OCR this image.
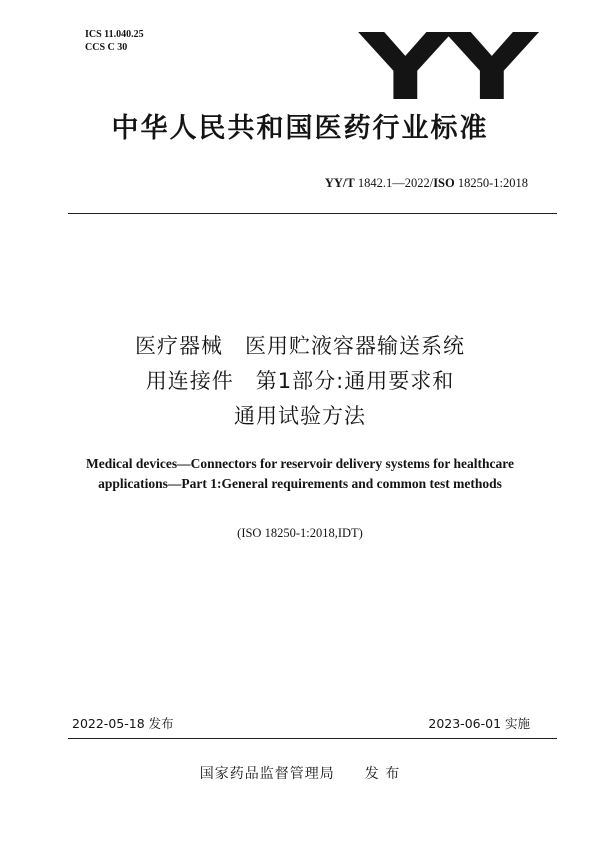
ICS 11.040.25
CCS C 30	YY
中华人民共和国医药行业标准
YY/T 1842.1—2022/ISO 18250-1:2018
医疗器械　医用贮液容器输送系统
用连接件　第1部分:通用要求和
通用试验方法
Medical devices—Connectors for reservoir delivery systems for healthcare
applications—Part 1:General requirements and common test methods
(ISO 18250-1:2018,IDT)
2022-05-18 发布	2023-06-01 实施
国家药品监督管理局　　发 布
